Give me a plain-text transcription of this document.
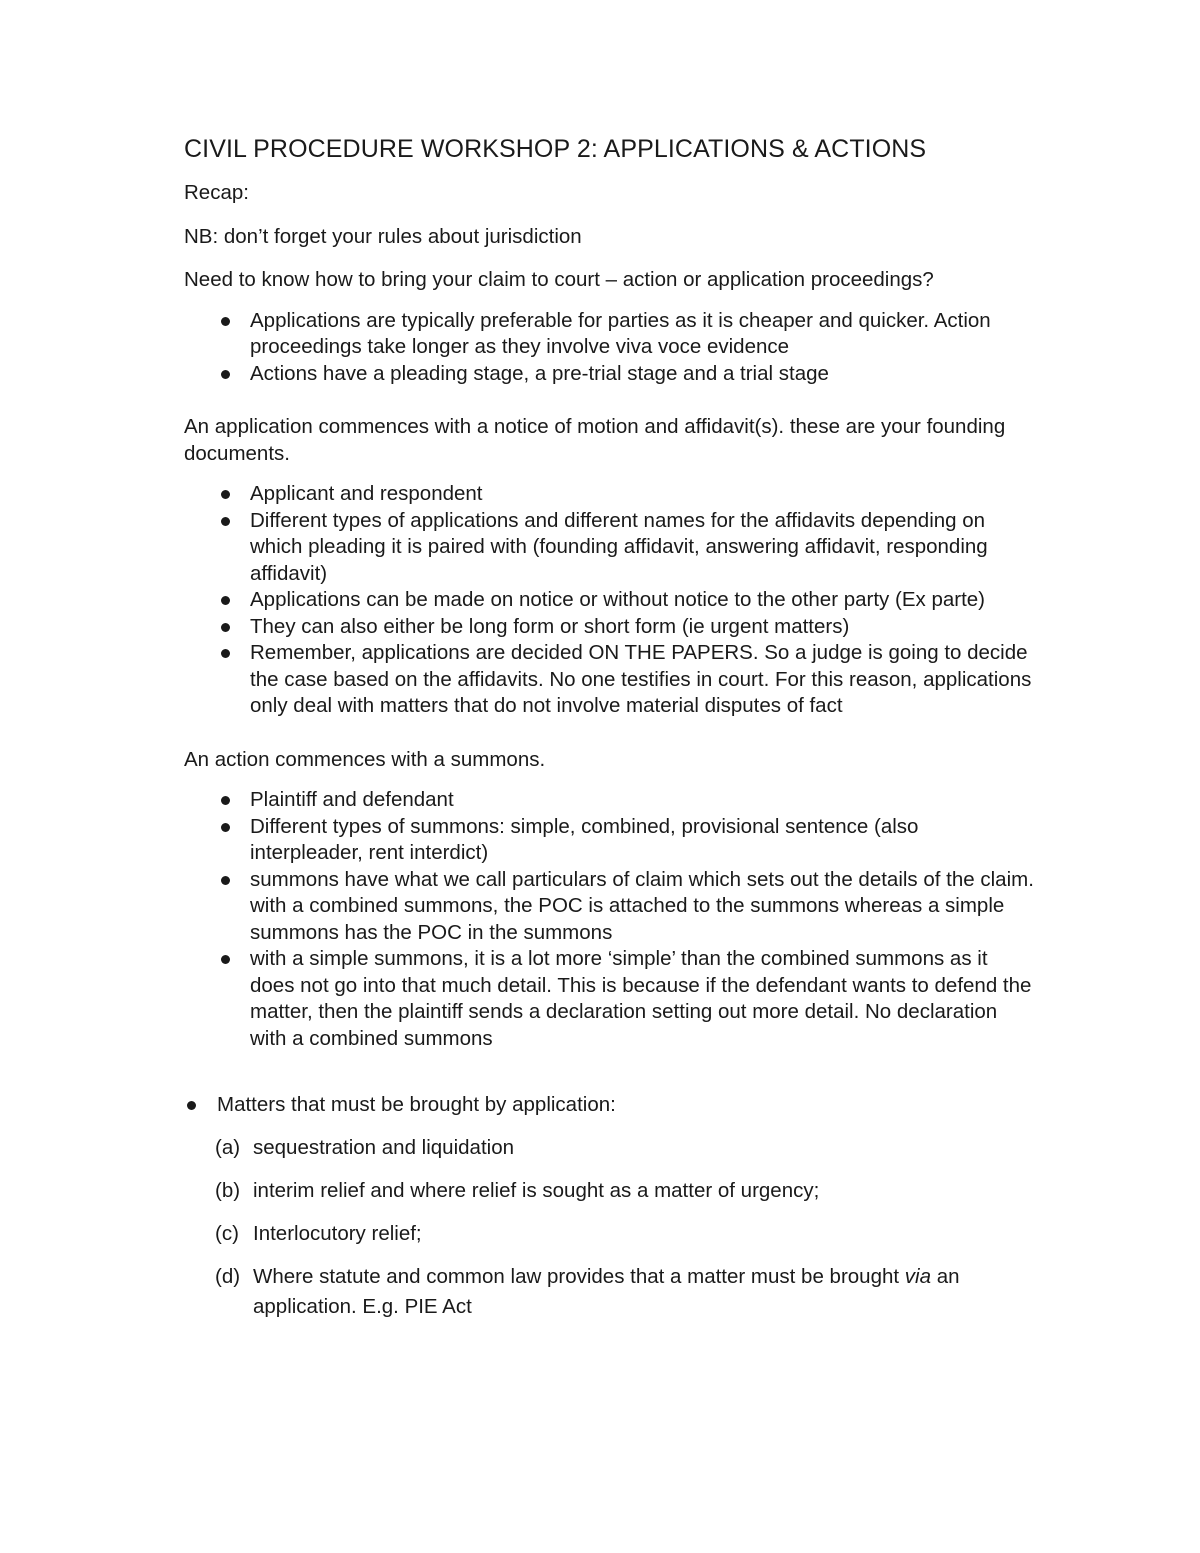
CIVIL PROCEDURE WORKSHOP 2: APPLICATIONS & ACTIONS

Recap:

NB: don’t forget your rules about jurisdiction

Need to know how to bring your claim to court – action or application proceedings?

Applications are typically preferable for parties as it is cheaper and quicker. Action proceedings take longer as they involve viva voce evidence
Actions have a pleading stage, a pre-trial stage and a trial stage

An application commences with a notice of motion and affidavit(s). these are your founding documents.

Applicant and respondent
Different types of applications and different names for the affidavits depending on which pleading it is paired with (founding affidavit, answering affidavit, responding affidavit)
Applications can be made on notice or without notice to the other party (Ex parte)
They can also either be long form or short form (ie urgent matters)
Remember, applications are decided ON THE PAPERS. So a judge is going to decide the case based on the affidavits. No one testifies in court. For this reason, applications only deal with matters that do not involve material disputes of fact

An action commences with a summons.

Plaintiff and defendant
Different types of summons: simple, combined, provisional sentence (also interpleader, rent interdict)
summons have what we call particulars of claim which sets out the details of the claim. with a combined summons, the POC is attached to the summons whereas a simple summons has the POC in the summons
with a simple summons, it is a lot more ‘simple’ than the combined summons as it does not go into that much detail. This is because if the defendant wants to defend the matter, then the plaintiff sends a declaration setting out more detail. No declaration with a combined summons
Matters that must be brought by application:
(a) sequestration and liquidation
(b) interim relief and where relief is sought as a matter of urgency;
(c) Interlocutory relief;
(d) Where statute and common law provides that a matter must be brought via an application. E.g. PIE Act
